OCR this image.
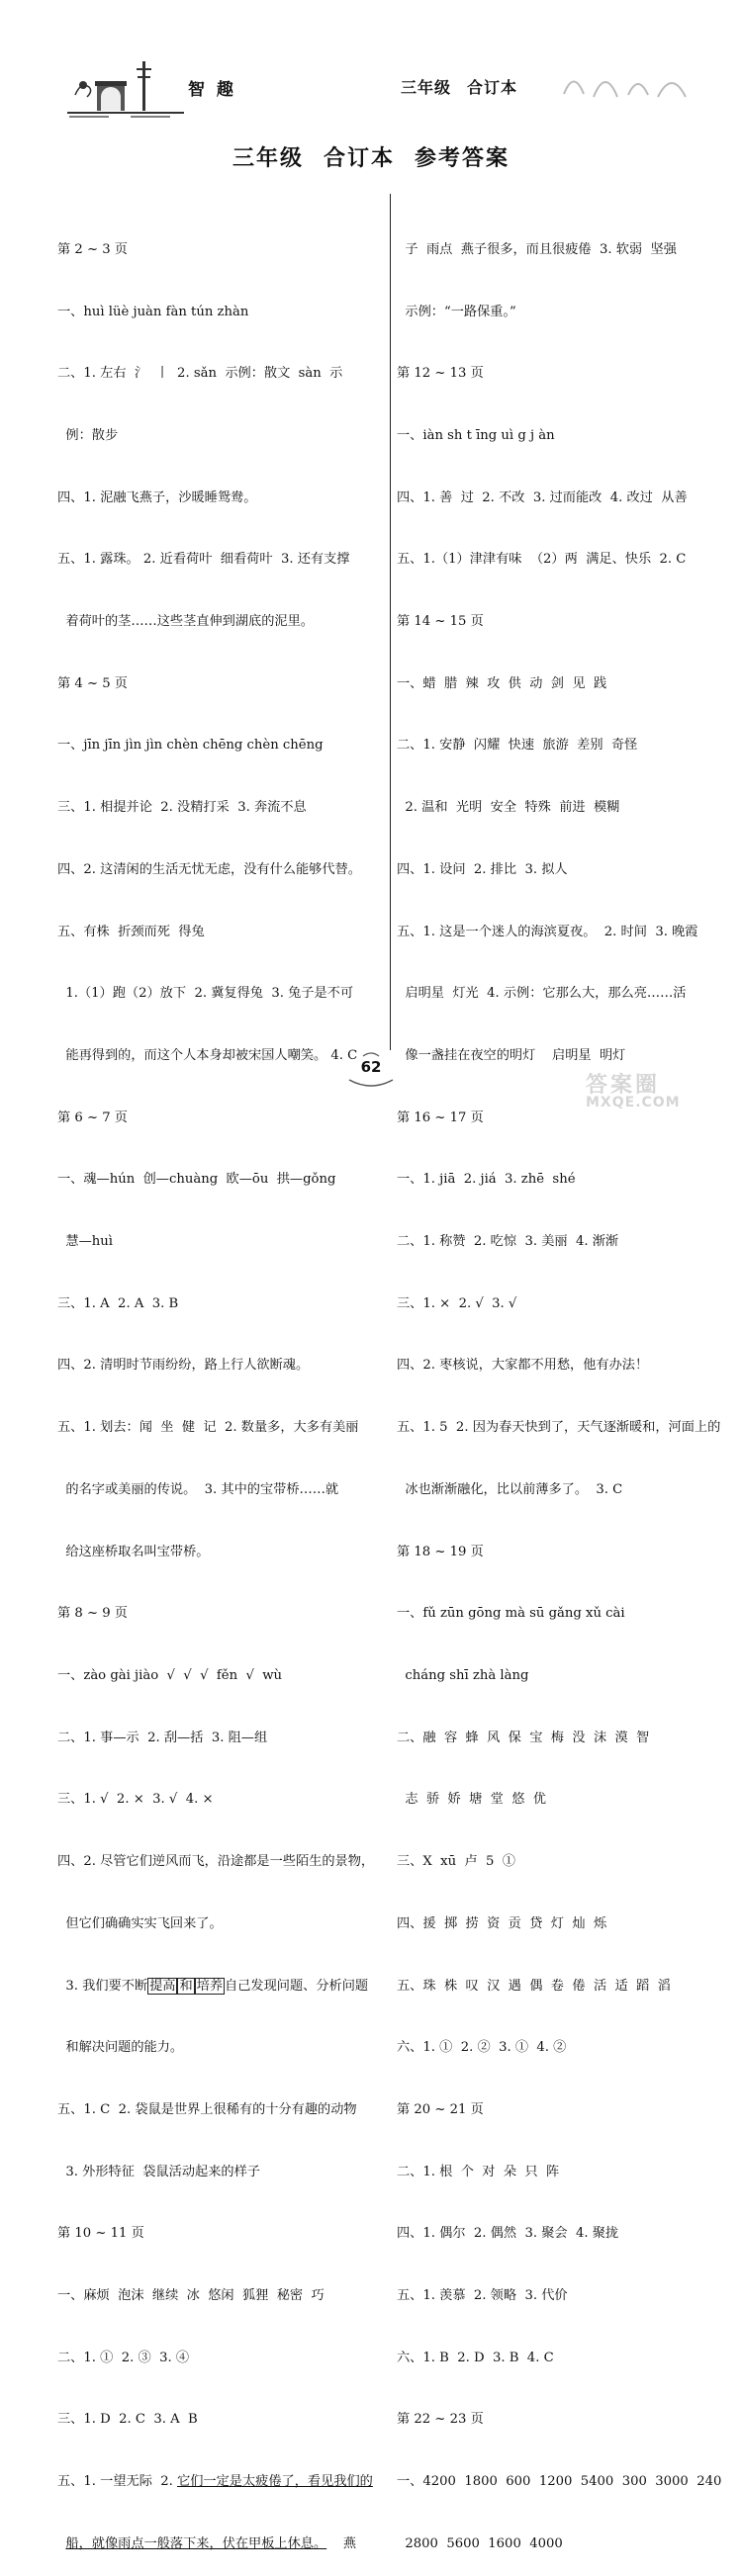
智 趣	三年级 合订本
三年级 合订本 参考答案

第 2 ~ 3 页

一、huì lüè juàn fàn tún zhàn

二、1. 左右  氵  丨  2. sǎn  示例：散文  sàn  示

例：散步

四、1. 泥融飞燕子，沙暖睡鸳鸯。

五、1. 露珠。 2. 近看荷叶  细看荷叶  3. 还有支撑

着荷叶的茎……这些茎直伸到湖底的泥里。

第 4 ~ 5 页

一、jīn jīn jìn jìn chèn chēng chèn chēng

三、1. 相提并论  2. 没精打采  3. 奔流不息

四、2. 这清闲的生活无忧无虑，没有什么能够代替。

五、有株  折颈而死  得兔

1.（1）跑（2）放下  2. 冀复得兔  3. 兔子是不可

能再得到的，而这个人本身却被宋国人嘲笑。 4. C

第 6 ~ 7 页

一、魂—hún  创—chuàng  欧—ōu  拱—gǒng

慧—huì

三、1. A  2. A  3. B

四、2. 清明时节雨纷纷，路上行人欲断魂。

五、1. 划去：闻  坐  健  记  2. 数量多，大多有美丽

的名字或美丽的传说。  3. 其中的宝带桥……就

给这座桥取名叫宝带桥。

第 8 ~ 9 页

一、zào gài jiào  √  √  √  fěn  √  wù

二、1. 事—示  2. 刮—括  3. 阻—组

三、1. √  2. ×  3. √  4. ×

四、2. 尽管它们逆风而飞，沿途都是一些陌生的景物，

但它们确确实实飞回来了。

3. 我们要不断 提高 和 培养 自己发现问题、分析问题

和解决问题的能力。

五、1. C  2. 袋鼠是世界上很稀有的十分有趣的动物

3. 外形特征  袋鼠活动起来的样子

第 10 ~ 11 页

一、麻烦  泡沫  继续  冰  悠闲  狐狸  秘密  巧

二、1. ①  2. ③  3. ④

三、1. D  2. C  3. A  B

五、1. 一望无际  2. 它们一定是太疲倦了，看见我们的

船，就像雨点一般落下来，伏在甲板上休息。    燕

子  雨点  燕子很多，而且很疲倦  3. 软弱  坚强

示例：“一路保重。”

第 12 ~ 13 页

一、iàn sh t īng uì g j àn

四、1. 善  过  2. 不改  3. 过而能改  4. 改过  从善

五、1.（1）津津有味  （2）两  满足、快乐  2. C

第 14 ~ 15 页

一、蜡  腊  辣  攻  供  动  剑  见  践

二、1. 安静  闪耀  快速  旅游  差别  奇怪

2. 温和  光明  安全  特殊  前进  模糊

四、1. 设问  2. 排比  3. 拟人

五、1. 这是一个迷人的海滨夏夜。  2. 时间  3. 晚霞

启明星  灯光  4. 示例：它那么大，那么亮……活

像一盏挂在夜空的明灯    启明星  明灯

第 16 ~ 17 页

一、1. jiā  2. jiá  3. zhē  shé

二、1. 称赞  2. 吃惊  3. 美丽  4. 渐渐

三、1. ×  2. √  3. √

四、2. 枣核说，大家都不用愁，他有办法！

五、1. 5  2. 因为春天快到了，天气逐渐暖和，河面上的

冰也渐渐融化，比以前薄多了。  3. C

第 18 ~ 19 页

一、fǔ zūn gōng mà sū gǎng xǔ cài

cháng shī zhà làng

二、融  容  蜂  风  保  宝  梅  没  沫  漠  智

志  骄  娇  塘  堂  悠  优

三、X  xū  卢  5  ①

四、援  掷  捞  资  贡  贷  灯  灿  烁

五、珠  株  叹  汉  遇  偶  卷  倦  活  适  蹈  滔

六、1. ①  2. ②  3. ①  4. ②

第 20 ~ 21 页

二、1. 根  个  对  朵  只  阵

四、1. 偶尔  2. 偶然  3. 聚会  4. 聚拢

五、1. 羡慕  2. 领略  3. 代价

六、1. B  2. D  3. B  4. C

第 22 ~ 23 页

一、4200  1800  600  1200  5400  300  3000  240

2800  5600  1600  4000

62
答案圈
MXQE.COM
